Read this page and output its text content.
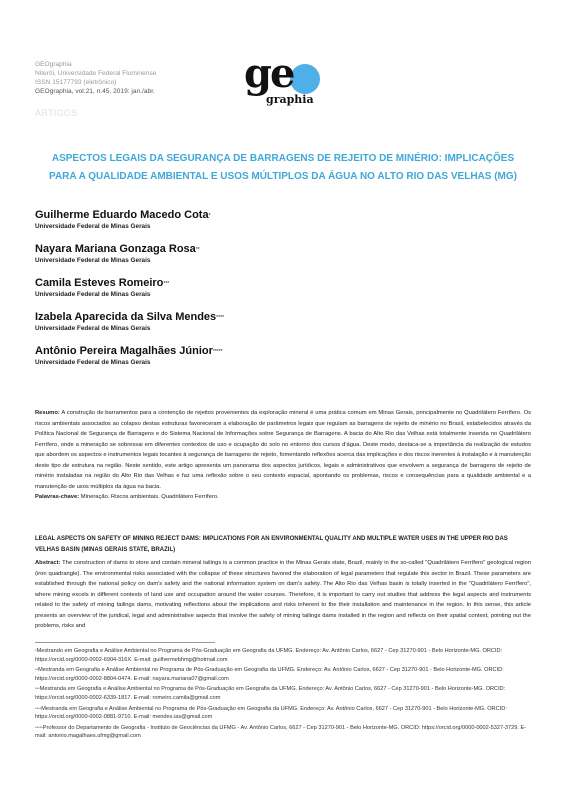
GEOgraphia
Niterói, Universidade Federal Fluminense
ISSN 15177793 (eletrônico)
GEOgraphia, vol:21, n.45, 2019: jan./abr. ge
graphia
ARTIGOS
ASPECTOS LEGAIS DA SEGURANÇA DE BARRAGENS DE REJEITO DE MINÉRIO: IMPLICAÇÕES PARA A QUALIDADE AMBIENTAL E USOS MÚLTIPLOS DA ÁGUA NO ALTO RIO DAS VELHAS (MG)
Guilherme Eduardo Macedo Cota*
Universidade Federal de Minas Gerais
Nayara Mariana Gonzaga Rosa**
Universidade Federal de Minas Gerais
Camila Esteves Romeiro***
Universidade Federal de Minas Gerais
Izabela Aparecida da Silva Mendes****
Universidade Federal de Minas Gerais
Antônio Pereira Magalhães Júnior*****
Universidade Federal de Minas Gerais

Resumo: A construção de barramentos para a contenção de rejeitos provenientes da exploração mineral é uma prática comum em Minas Gerais, principalmente no Quadrilátero Ferrífero. Os riscos ambientais associados ao colapso destas estruturas favoreceram a elaboração de parâmetros legais que regulam as barragens de rejeito de minério no Brasil, estabelecidos através da Política Nacional de Segurança de Barragens e do Sistema Nacional de Informações sobre Segurança de Barragens. A bacia do Alto Rio das Velhas está totalmente inserida no Quadrilátero Ferrífero, onde a mineração se sobressai em diferentes contextos de uso e ocupação do solo no entorno dos cursos d'água. Deste modo, destaca-se a importância da realização de estudos que abordem os aspectos e instrumentos legais tocantes à segurança de barragens de rejeito, fomentando reflexões acerca das implicações e dos riscos inerentes à instalação e à manutenção deste tipo de estrutura na região. Neste sentido, este artigo apresenta um panorama dos aspectos jurídicos, legais e administrativos que envolvem a segurança de barragens de rejeito de minério instaladas na região do Alto Rio das Velhas e faz uma reflexão sobre o seu contexto espacial, apontando os problemas, riscos e consequências para a qualidade ambiental e a manutenção de usos múltiplos da água na bacia.

Palavras-chave: Mineração. Riscos ambientais. Quadrilátero Ferrífero.

LEGAL ASPECTS ON SAFETY OF MINING REJECT DAMS: IMPLICATIONS FOR AN ENVIRONMENTAL QUALITY AND MULTIPLE WATER USES IN THE UPPER RIO DAS VELHAS BASIN (MINAS GERAIS STATE, BRAZIL)

Abstract: The construction of dams to store and contain mineral tailings is a common practice in the Minas Gerais state, Brazil, mainly in the so-called "Quadrilátero Ferrífero" geological region (iron quadrangle). The environmental risks associated with the collapse of these structures favored the elaboration of legal parameters that regulate this sector in Brazil. These parameters are established through the national policy on dam's safety and the national information system on dam's safety. The Alto Rio das Velhas basin is totally inserted in the "Quadrilátero Ferrífero", where mining excels in different contexts of land use and occupation around the water courses. Therefore, it is important to carry out studies that address the legal aspects and instruments related to the safety of mining tailings dams, motivating reflections about the implications and risks inherent to the their installation and maintenance in the region. In this sense, this article presents an overview of the juridical, legal and administrative aspects that involve the safety of mining tailings dams installed in the region and reflects on their spatial context, pointing out the problems, risks and

*Mestrando em Geografia e Análise Ambiental no Programa de Pós-Graduação em Geografia da UFMG. Endereço: Av. Antônio Carlos, 6627 - Cep 31270-901 - Belo Horizonte-MG. ORCID: https://orcid.org/0000-0002-6904-316X. E-mail: guilhermebhmg@hotmail.com

**Mestranda em Geografia e Análise Ambiental no Programa de Pós-Graduação em Geografia da UFMG. Endereço: Av. Antônio Carlos, 6627 - Cep 31270-901 - Belo Horizonte-MG. ORCID: https://orcid.org/0000-0002-8804-0474. E-mail: nayara.mariana07@gmail.com

***Mestranda em Geografia e Análise Ambiental no Programa de Pós-Graduação em Geografia da UFMG. Endereço: Av. Antônio Carlos, 6627 - Cep 31270-901 - Belo Horizonte-MG. ORCID: https://orcid.org/0000-0002-6339-1817. E-mail: romeiro.camila@gmail.com

****Mestranda em Geografia e Análise Ambiental no Programa de Pós-Graduação em Geografia da UFMG. Endereço: Av. Antônio Carlos, 6627 - Cep 31270-901 - Belo Horizonte-MG. ORCID: https://orcid.org/0000-0002-0881-9710. E-mail: mendes.ias@gmail.com

*****Professor do Departamento de Geografia - Instituto de Geociências da UFMG - Av. Antônio Carlos, 6627 - Cep 31270-901 - Belo Horizonte-MG. ORCID: https://orcid.org/0000-0002-5327-3729. E-mail: antonio.magalhaes.ufmg@gmail.com
